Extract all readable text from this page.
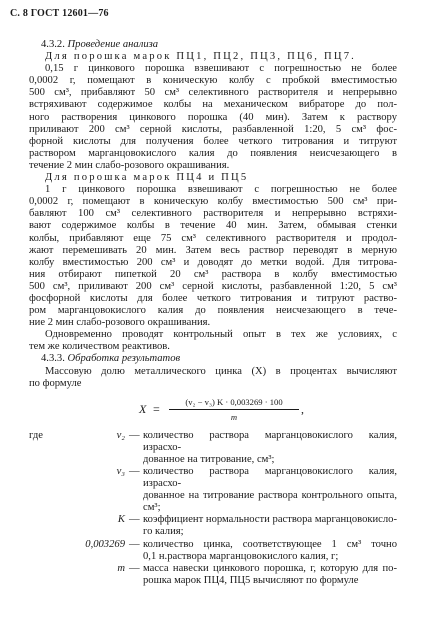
С. 8 ГОСТ 12601—76

4.3.2. Проведение анализа

Для порошка марок ПЦ1, ПЦ2, ПЦ3, ПЦ6, ПЦ7.

0,15 г цинкового порошка взвешивают с погрешностью не более

0,0002 г, помещают в коническую колбу с пробкой вместимостью

500 см³, прибавляют 50 см³ селективного растворителя и непрерывно

встряхивают содержимое колбы на механическом вибраторе до пол-

ного растворения цинкового порошка (40 мин). Затем к раствору

приливают 200 см³ серной кислоты, разбавленной 1:20, 5 см³ фос-

форной кислоты для получения более четкого титрования и титруют

раствором марганцовокислого калия до появления неисчезающего в

течение 2 мин слабо-розового окрашивания.

Для порошка марок ПЦ4 и ПЦ5

1 г цинкового порошка взвешивают с погрешностью не более

0,0002 г, помещают в коническую колбу вместимостью 500 см³ при-

бавляют 100 см³ селективного растворителя и непрерывно встряхи-

вают содержимое колбы в течение 40 мин. Затем, обмывая стенки

колбы, прибавляют еще 75 см³ селективного растворителя и продол-

жают перемешивать 20 мин. Затем весь раствор переводят в мерную

колбу вместимостью 200 см³ и доводят до метки водой. Для титрова-

ния отбирают пипеткой 20 см³ раствора в колбу вместимостью

500 см³, приливают 200 см³ серной кислоты, разбавленной 1:20, 5 см³

фосфорной кислоты для более четкого титрования и титруют раство-

ром марганцовокислого калия до появления неисчезающего в тече-

ние 2 мин слабо-розового окрашивания.

Одновременно проводят контрольный опыт в тех же условиях, с

тем же количеством реактивов.

4.3.3. Обработка результатов

Массовую долю металлического цинка (X) в процентах вычисляют

по формуле

$X = \frac{\text{(v₂ − v₃) K · 0,003269 · 100}}{m}$ ,
где	v₂ — количество раствора марганцовокислого калия, израсхо-
дованное на титрование, см³;
v₃ — количество раствора марганцовокислого калия, израсхо-
дованное на титрование раствора контрольного опыта,
см³;
K — коэффициент нормальности раствора марганцовокисло-
го калия;
0,003269 — количество цинка, соответствующее 1 см³ точно
0,1 н.раствора марганцовокислого калия, г;
m — масса навески цинкового порошка, г, которую для по-
рошка марок ПЦ4, ПЦ5 вычисляют по формуле
